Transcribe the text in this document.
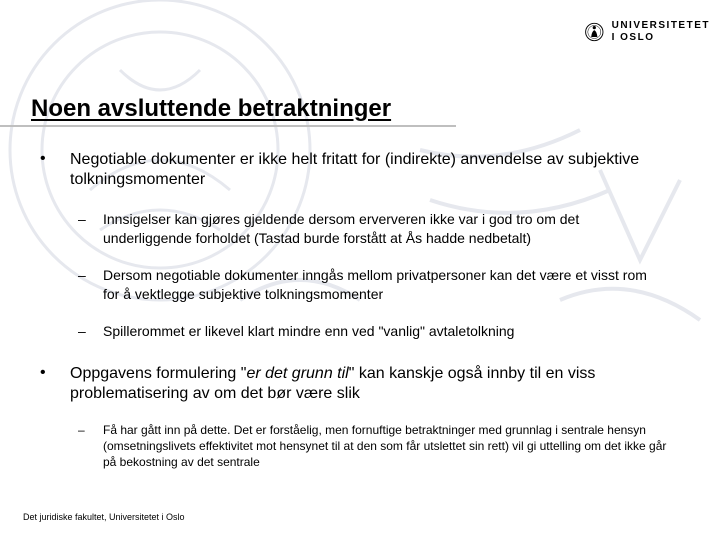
UNIVERSITETET
I OSLO
Noen avsluttende betraktninger
• Negotiable dokumenter er ikke helt fritatt for (indirekte) anvendelse av subjektive tolkningsmomenter
– Innsigelser kan gjøres gjeldende dersom erververen ikke var i god tro om det underliggende forholdet (Tastad burde forstått at Ås hadde nedbetalt)
– Dersom negotiable dokumenter inngås mellom privatpersoner kan det være et visst rom for å vektlegge subjektive tolkningsmomenter
– Spillerommet er likevel klart mindre enn ved "vanlig" avtaletolkning
• Oppgavens formulering "er det grunn til" kan kanskje også innby til en viss problematisering av om det bør være slik
– Få har gått inn på dette. Det er forståelig, men fornuftige betraktninger med grunnlag i sentrale hensyn (omsetningslivets effektivitet mot hensynet til at den som får utslettet sin rett) vil gi uttelling om det ikke går på bekostning av det sentrale
Det juridiske fakultet, Universitetet i Oslo
